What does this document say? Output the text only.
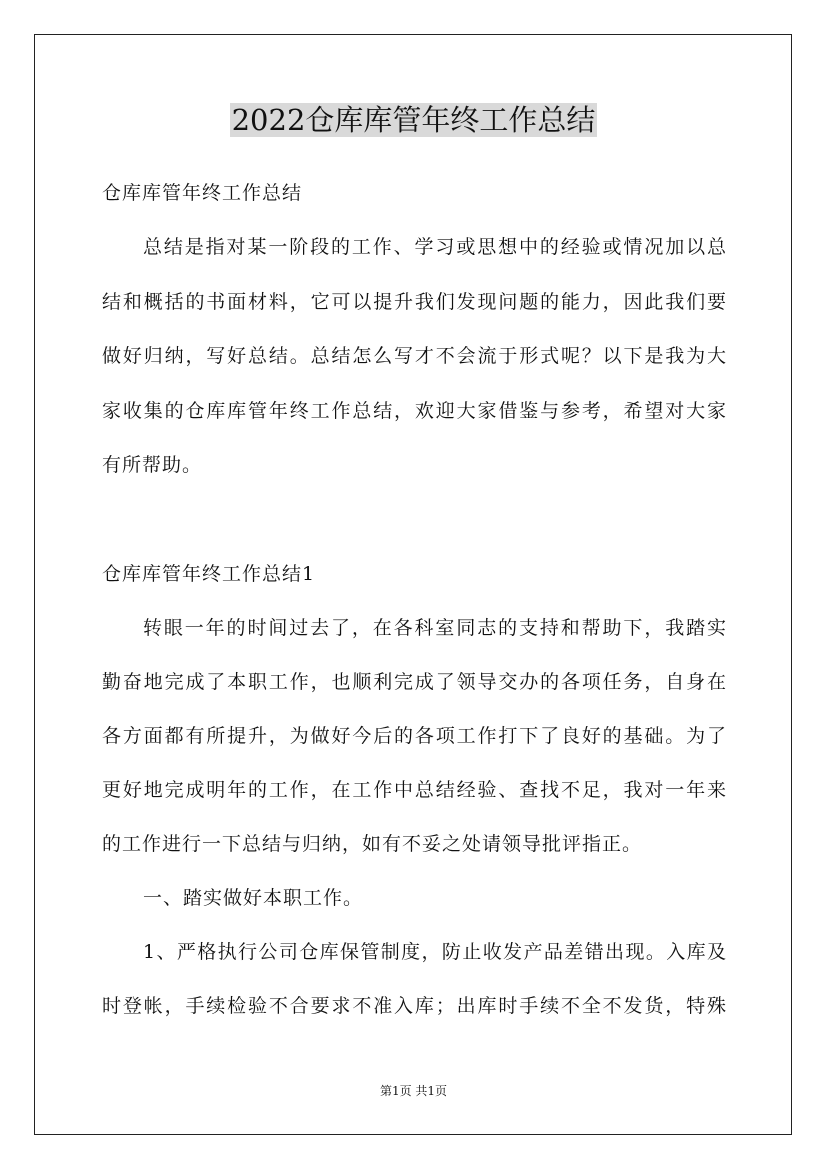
2022仓库库管年终工作总结
仓库库管年终工作总结
总结是指对某一阶段的工作、学习或思想中的经验或情况加以总
结和概括的书面材料，它可以提升我们发现问题的能力，因此我们要
做好归纳，写好总结。总结怎么写才不会流于形式呢？以下是我为大
家收集的仓库库管年终工作总结，欢迎大家借鉴与参考，希望对大家
有所帮助。
仓库库管年终工作总结1
转眼一年的时间过去了，在各科室同志的支持和帮助下，我踏实
勤奋地完成了本职工作，也顺利完成了领导交办的各项任务，自身在
各方面都有所提升，为做好今后的各项工作打下了良好的基础。为了
更好地完成明年的工作，在工作中总结经验、查找不足，我对一年来
的工作进行一下总结与归纳，如有不妥之处请领导批评指正。
一、踏实做好本职工作。
1、严格执行公司仓库保管制度，防止收发产品差错出现。入库及
时登帐，手续检验不合要求不准入库；出库时手续不全不发货，特殊
第1页 共1页
